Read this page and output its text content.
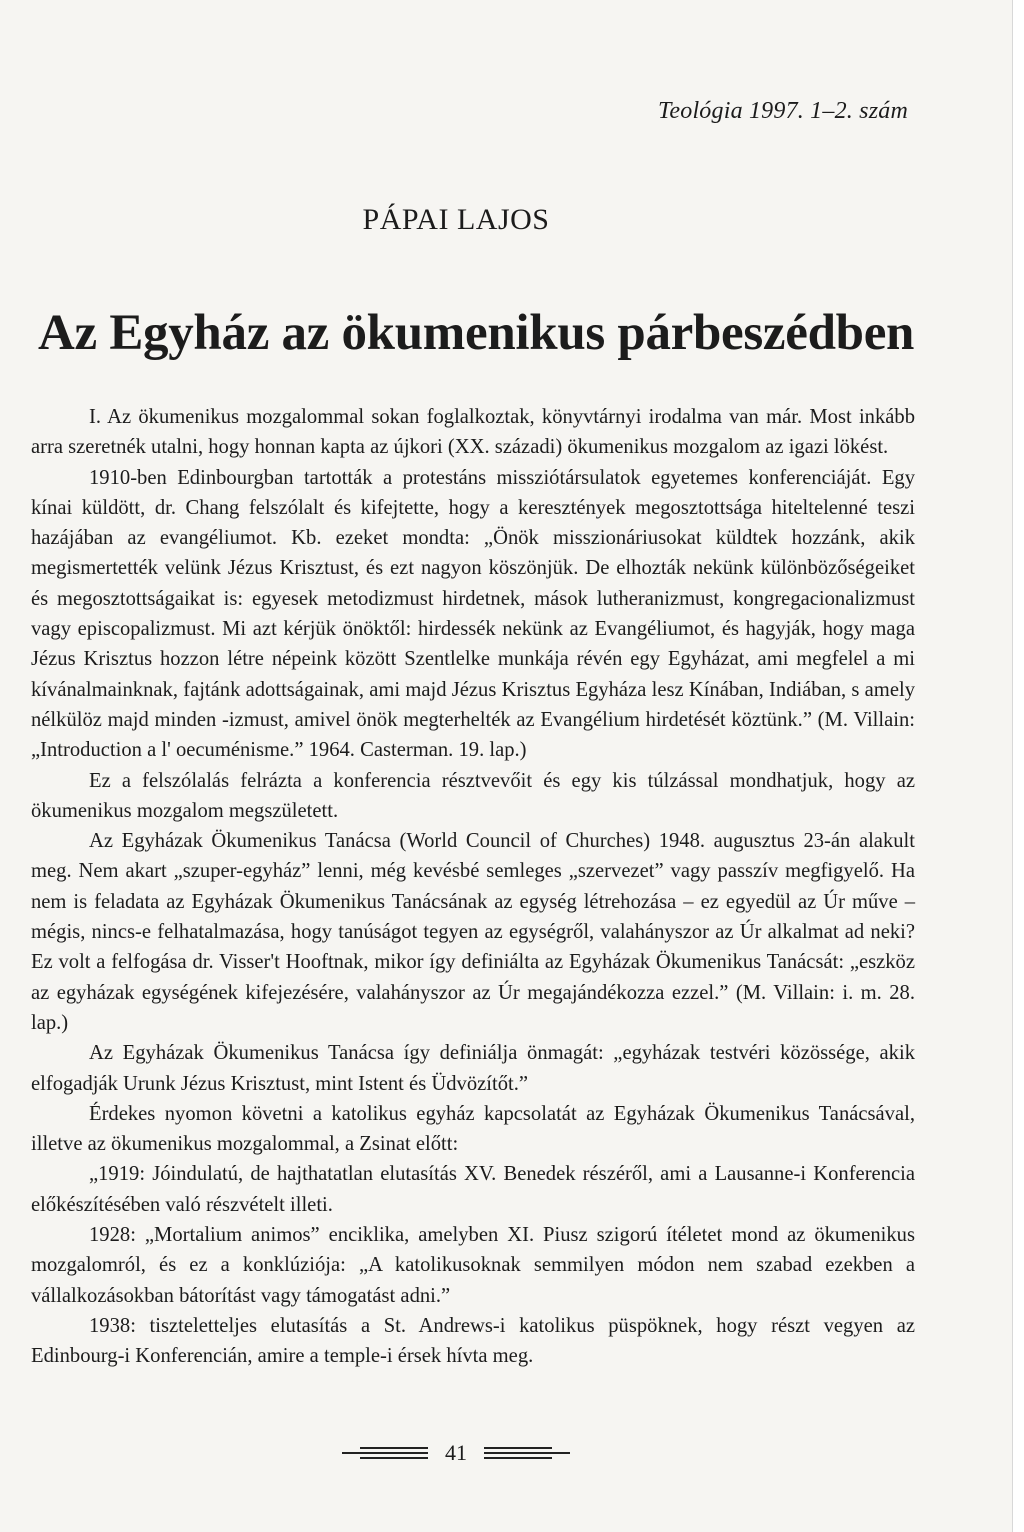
Teológia 1997. 1–2. szám
PÁPAI LAJOS
Az Egyház az ökumenikus párbeszédben

I. Az ökumenikus mozgalommal sokan foglalkoztak, könyvtárnyi irodalma van már. Most inkább arra szeretnék utalni, hogy honnan kapta az újkori (XX. századi) ökumenikus mozgalom az igazi lökést.

1910-ben Edinbourgban tartották a protestáns missziótársulatok egyetemes konferenciáját. Egy kínai küldött, dr. Chang felszólalt és kifejtette, hogy a keresztények megosztottsága hiteltelenné teszi hazájában az evangéliumot. Kb. ezeket mondta: „Önök misszionáriusokat küldtek hozzánk, akik megismertették velünk Jézus Krisztust, és ezt nagyon köszönjük. De elhozták nekünk különbözőségeiket és megosztottságaikat is: egyesek metodizmust hirdetnek, mások lutheranizmust, kongregacionalizmust vagy episcopalizmust. Mi azt kérjük önöktől: hirdessék nekünk az Evangéliumot, és hagyják, hogy maga Jézus Krisztus hozzon létre népeink között Szentlelke munkája révén egy Egyházat, ami megfelel a mi kívánalmainknak, fajtánk adottságainak, ami majd Jézus Krisztus Egyháza lesz Kínában, Indiában, s amely nélkülöz majd minden -izmust, amivel önök megterhelték az Evangélium hirdetését köztünk.” (M. Villain: „Introduction a l' oecuménisme.” 1964. Casterman. 19. lap.)

Ez a felszólalás felrázta a konferencia résztvevőit és egy kis túlzással mondhatjuk, hogy az ökumenikus mozgalom megszületett.

Az Egyházak Ökumenikus Tanácsa (World Council of Churches) 1948. augusztus 23-án alakult meg. Nem akart „szuper-egyház” lenni, még kevésbé semleges „szervezet” vagy passzív megfigyelő. Ha nem is feladata az Egyházak Ökumenikus Tanácsának az egység létrehozása – ez egyedül az Úr műve – mégis, nincs-e felhatalmazása, hogy tanúságot tegyen az egységről, valahányszor az Úr alkalmat ad neki? Ez volt a felfogása dr. Visser't Hooftnak, mikor így definiálta az Egyházak Ökumenikus Tanácsát: „eszköz az egyházak egységének kifejezésére, valahányszor az Úr megajándékozza ezzel.” (M. Villain: i. m. 28. lap.)

Az Egyházak Ökumenikus Tanácsa így definiálja önmagát: „egyházak testvéri közössége, akik elfogadják Urunk Jézus Krisztust, mint Istent és Üdvözítőt.”

Érdekes nyomon követni a katolikus egyház kapcsolatát az Egyházak Ökumenikus Tanácsával, illetve az ökumenikus mozgalommal, a Zsinat előtt:

„1919: Jóindulatú, de hajthatatlan elutasítás XV. Benedek részéről, ami a Lausanne-i Konferencia előkészítésében való részvételt illeti.

1928: „Mortalium animos” enciklika, amelyben XI. Piusz szigorú ítéletet mond az ökumenikus mozgalomról, és ez a konklúziója: „A katolikusoknak semmilyen módon nem szabad ezekben a vállalkozásokban bátorítást vagy támogatást adni.”

1938: tiszteletteljes elutasítás a St. Andrews-i katolikus püspöknek, hogy részt vegyen az Edinbourg-i Konferencián, amire a temple-i érsek hívta meg.

41
